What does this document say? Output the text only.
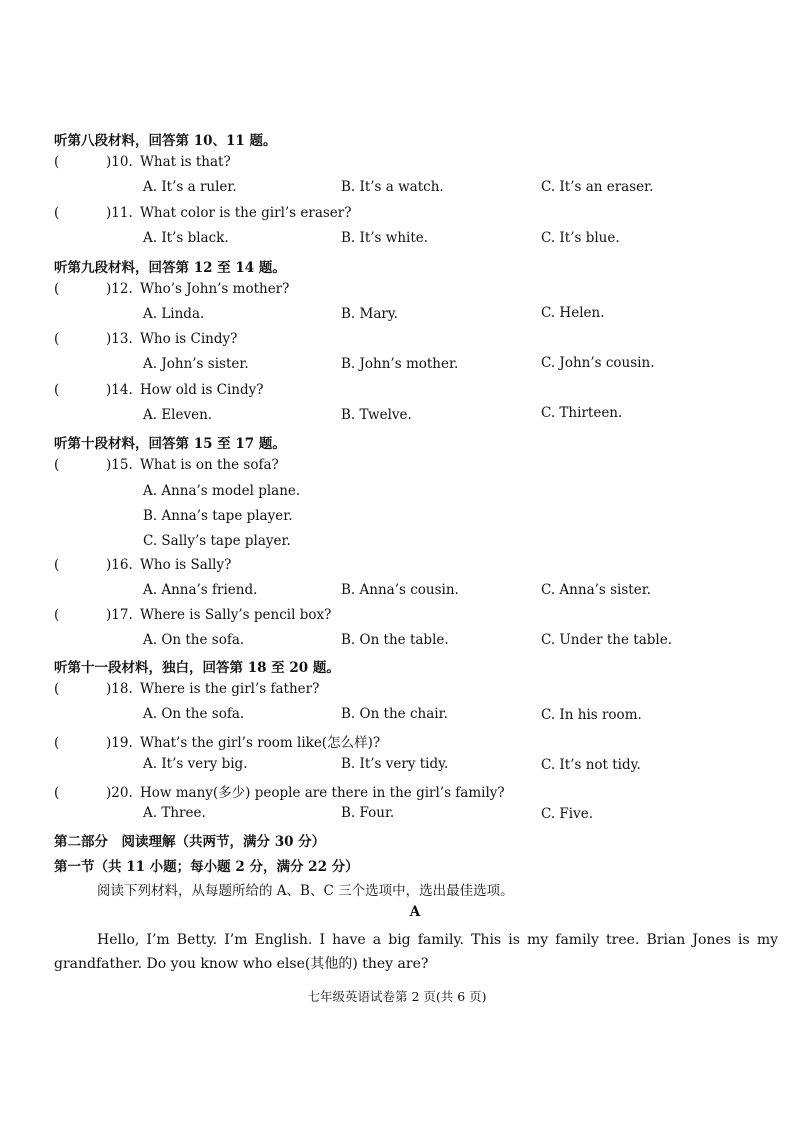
听第八段材料，回答第 10、11 题。
(	)10. What is that?
A. It’s a ruler.	B. It’s a watch.	C. It’s an eraser.
(	)11. What color is the girl’s eraser?
A. It’s black.	B. It’s white.	C. It’s blue.
听第九段材料，回答第 12 至 14 题。
(	)12. Who’s John’s mother?
A. Linda.	B. Mary.	C. Helen.
(	)13. Who is Cindy?
A. John’s sister.	B. John’s mother.	C. John’s cousin.
(	)14. How old is Cindy?
A. Eleven.	B. Twelve.	C. Thirteen.
听第十段材料，回答第 15 至 17 题。
(	)15. What is on the sofa?
A. Anna’s model plane.
B. Anna’s tape player.
C. Sally’s tape player.
(	)16. Who is Sally?
A. Anna’s friend.	B. Anna’s cousin.	C. Anna’s sister.
(	)17. Where is Sally’s pencil box?
A. On the sofa.	B. On the table.	C. Under the table.
听第十一段材料，独白，回答第 18 至 20 题。
(	)18. Where is the girl’s father?
A. On the sofa.	B. On the chair.	C. In his room.
(	)19. What’s the girl’s room like(怎么样)?
A. It’s very big.	B. It’s very tidy.	C. It’s not tidy.
(	)20. How many(多少) people are there in the girl’s family?
A. Three.	B. Four.	C. Five.
第二部分　阅读理解（共两节，满分 30 分）
第一节（共 11 小题；每小题 2 分，满分 22 分）
阅读下列材料，从每题所给的 A、B、C 三个选项中，选出最佳选项。
A
Hello, I’m Betty. I’m English. I have a big family. This is my family tree. Brian Jones is my grandfather. Do you know who else(其他的) they are?
七年级英语试卷第 2 页(共 6 页)
